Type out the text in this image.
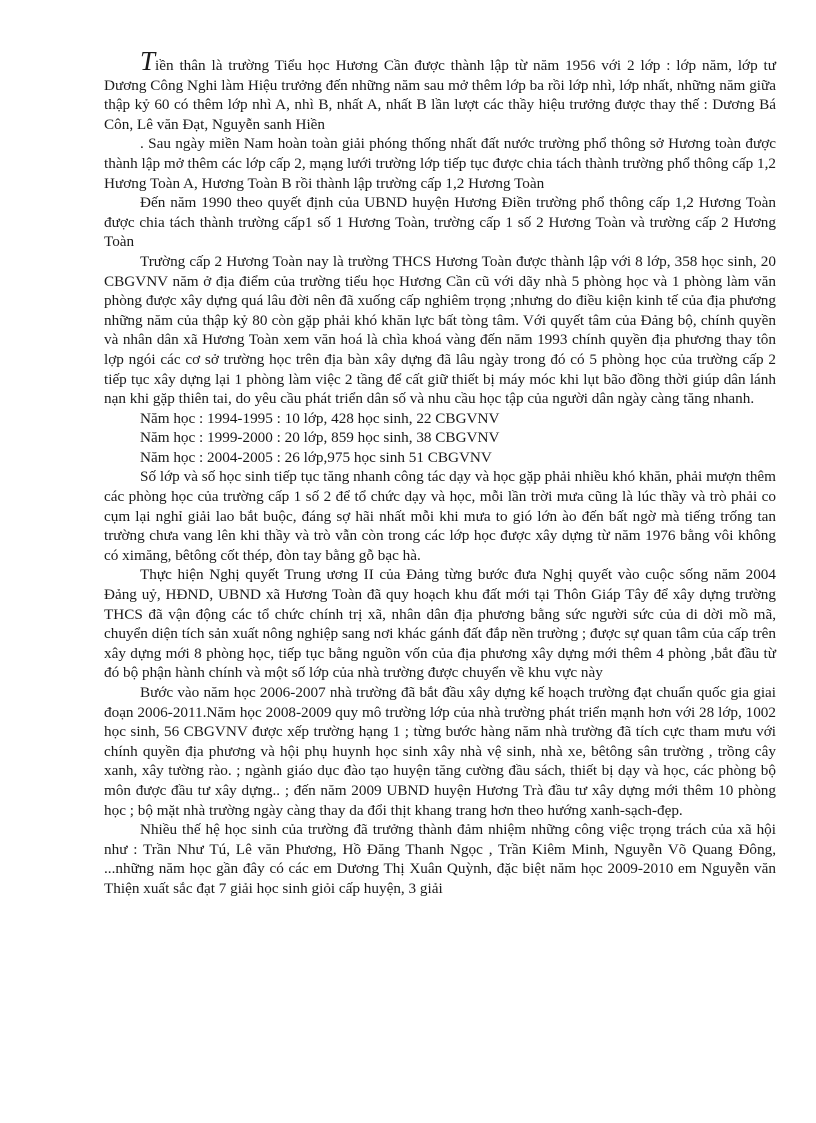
Tiền thân là trường Tiểu học Hương Cần được thành lập từ năm 1956 với 2 lớp : lớp năm, lớp tư Dương Công Nghi làm Hiệu trưởng đến những năm sau mở thêm lớp ba rồi lớp nhì, lớp nhất, những năm giữa thập kỷ 60 có thêm lớp nhì A, nhì B, nhất A, nhất B lần lượt các thầy hiệu trưởng được thay thế : Dương Bá Côn, Lê văn Đạt, Nguyễn sanh Hiền

. Sau ngày miền Nam hoàn toàn giải phóng thống nhất đất nước trường phổ thông sở Hương toàn được thành lập mở thêm các lớp cấp 2, mạng lưới trường lớp tiếp tục được chia tách thành trường phổ thông cấp 1,2 Hương Toàn A, Hương Toàn B rồi thành lập trường cấp 1,2 Hương Toàn

Đến năm 1990 theo quyết định của UBND huyện Hương Điền trường phổ thông cấp 1,2 Hương Toàn được chia tách thành trường cấp1 số 1 Hương Toàn, trường cấp 1 số 2 Hương Toàn và trường cấp 2 Hương Toàn

Trường cấp 2 Hương Toàn nay là trường THCS Hương Toàn được thành lập với 8 lớp, 358 học sinh, 20 CBGVNV năm ở địa điểm của trường tiểu học Hương Cần cũ với dãy nhà 5 phòng học và 1 phòng làm văn phòng được xây dựng quá lâu đời nên đã xuống cấp nghiêm trọng ;nhưng do điều kiện kinh tế của địa phương những năm của thập kỷ 80 còn gặp phải khó khăn lực bất tòng tâm. Với quyết tâm của Đảng bộ, chính quyền và nhân dân xã Hương Toàn xem văn hoá là chìa khoá vàng đến năm 1993 chính quyền địa phương thay tôn lợp ngói các cơ sở trường học trên địa bàn xây dựng đã lâu ngày trong đó có 5 phòng học của trường cấp 2 tiếp tục xây dựng lại 1 phòng làm việc 2 tầng để cất giữ thiết bị máy móc khi lụt bão đồng thời giúp dân lánh nạn khi gặp thiên tai, do yêu cầu phát triển dân số và nhu cầu học tập của người dân ngày càng tăng nhanh.

Năm học : 1994-1995 : 10 lớp, 428 học sinh, 22 CBGVNV

Năm học : 1999-2000 : 20 lớp, 859 học sinh, 38 CBGVNV

Năm học : 2004-2005 : 26 lớp,975 học sinh 51 CBGVNV

Số lớp và số học sinh tiếp tục tăng nhanh công tác dạy và học gặp phải nhiều khó khăn, phải mượn thêm các phòng học của trường cấp 1 số 2 để tổ chức dạy và học, mỗi lần trời mưa cũng là lúc thầy và trò phải co cụm lại nghỉ giải lao bắt buộc, đáng sợ hãi nhất mỗi khi mưa to gió lớn ào đến bất ngờ mà tiếng trống tan trường chưa vang lên khi thầy và trò vẫn còn trong các lớp học được xây dựng từ năm 1976 bằng vôi không có ximăng, bêtông cốt thép, đòn tay bằng gỗ bạc hà.

Thực hiện Nghị quyết Trung ương II của Đảng từng bước đưa Nghị quyết vào cuộc sống năm 2004 Đảng uỷ, HĐND, UBND xã Hương Toàn đã quy hoạch khu đất mới tại Thôn Giáp Tây để xây dựng trường THCS đã vận động các tổ chức chính trị xã, nhân dân địa phương bằng sức người sức của di dời mồ mã, chuyển diện tích sản xuất nông nghiệp sang nơi khác gánh đất đắp nền trường ; được sự quan tâm của cấp trên xây dựng mới 8 phòng học, tiếp tục bằng nguồn vốn của địa phương xây dựng mới thêm 4 phòng ,bắt đầu từ đó bộ phận hành chính và một số lớp của nhà trường được chuyển về khu vực này

Bước vào năm học 2006-2007 nhà trường đã bắt đầu xây dựng kế hoạch trường đạt chuẩn quốc gia giai đoạn 2006-2011.Năm học 2008-2009 quy mô trường lớp của nhà trường phát triển mạnh hơn với 28 lớp, 1002 học sinh, 56 CBGVNV được xếp trường hạng 1 ; từng bước hàng năm nhà trường đã tích cực tham mưu với chính quyền địa phương và hội phụ huynh học sinh xây nhà vệ sinh, nhà xe, bêtông sân trường , trồng cây xanh, xây tường rào. ; ngành giáo dục đào tạo huyện tăng cường đầu sách, thiết bị dạy và học, các phòng bộ môn được đầu tư xây dựng.. ; đến năm 2009 UBND huyện Hương Trà đầu tư xây dựng mới thêm 10 phòng học ; bộ mặt nhà trường ngày càng thay da đổi thịt khang trang hơn theo hướng xanh-sạch-đẹp.

Nhiều thế hệ học sinh của trường đã trưởng thành đảm nhiệm những công việc trọng trách của xã hội như : Trần Như Tú, Lê văn Phương, Hồ Đăng Thanh Ngọc , Trần Kiêm Minh, Nguyễn Võ Quang Đông, ...những năm học gần đây có các em Dương Thị Xuân Quỳnh, đặc biệt năm học 2009-2010 em Nguyễn văn Thiện xuất sắc đạt 7 giải học sinh giỏi cấp huyện, 3 giải
